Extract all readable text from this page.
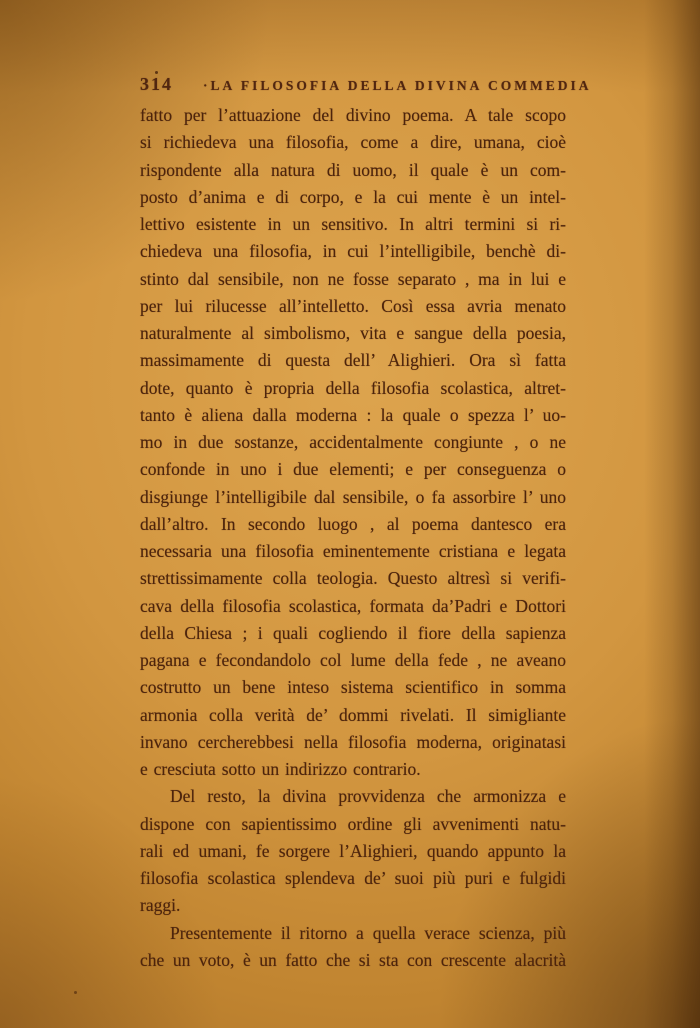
314	·LA FILOSOFIA DELLA DIVINA COMMEDIA
fatto per l’attuazione del divino poema. A tale scopo
si richiedeva una filosofia, come a dire, umana, cioè
rispondente alla natura di uomo, il quale è un com-
posto d’anima e di corpo, e la cui mente è un intel-
lettivo esistente in un sensitivo. In altri termini si ri-
chiedeva una filosofia, in cui l’intelligibile, benchè di-
stinto dal sensibile, non ne fosse separato , ma in lui e
per lui rilucesse all’intelletto. Così essa avria menato
naturalmente al simbolismo, vita e sangue della poesia,
massimamente di questa dell’ Alighieri. Ora sì fatta
dote, quanto è propria della filosofia scolastica, altret-
tanto è aliena dalla moderna : la quale o spezza l’ uo-
mo in due sostanze, accidentalmente congiunte , o ne
confonde in uno i due elementi; e per conseguenza o
disgiunge l’intelligibile dal sensibile, o fa assorbire l’ uno
dall’altro. In secondo luogo , al poema dantesco era
necessaria una filosofia eminentemente cristiana e legata
strettissimamente colla teologia. Questo altresì si verifi-
cava della filosofia scolastica, formata da’Padri e Dottori
della Chiesa ; i quali cogliendo il fiore della sapienza
pagana e fecondandolo col lume della fede , ne aveano
costrutto un bene inteso sistema scientifico in somma
armonia colla verità de’ dommi rivelati. Il simigliante
invano cercherebbesi nella filosofia moderna, originatasi
e cresciuta sotto un indirizzo contrario.
Del resto, la divina provvidenza che armonizza e
dispone con sapientissimo ordine gli avvenimenti natu-
rali ed umani, fe sorgere l’Alighieri, quando appunto la
filosofia scolastica splendeva de’ suoi più puri e fulgidi
raggi.
Presentemente il ritorno a quella verace scienza, più
che un voto, è un fatto che si sta con crescente alacrità
